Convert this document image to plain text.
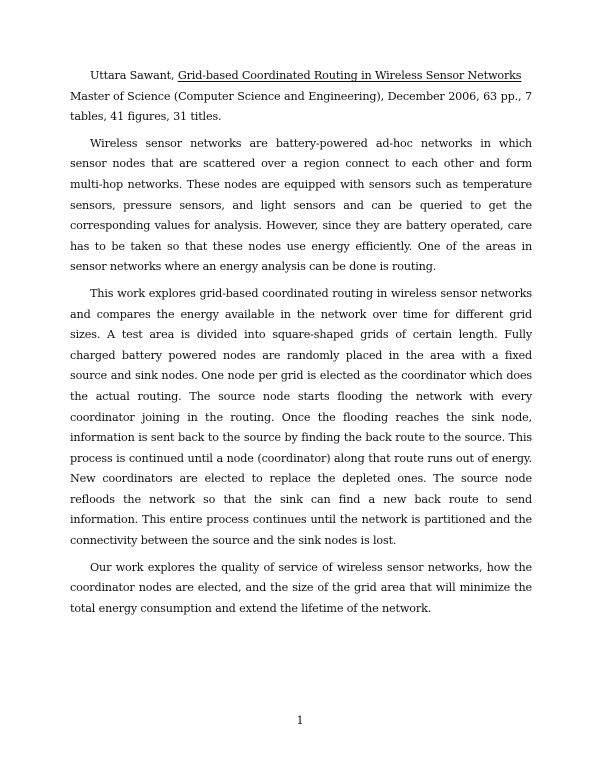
Uttara Sawant, Grid-based Coordinated Routing in Wireless Sensor Networks

Master of Science (Computer Science and Engineering), December 2006, 63 pp., 7 tables, 41 figures, 31 titles.

Wireless sensor networks are battery-powered ad-hoc networks in which sensor nodes that are scattered over a region connect to each other and form multi-hop networks. These nodes are equipped with sensors such as temperature sensors, pressure sensors, and light sensors and can be queried to get the corresponding values for analysis. However, since they are battery operated, care has to be taken so that these nodes use energy efficiently. One of the areas in sensor networks where an energy analysis can be done is routing.

This work explores grid-based coordinated routing in wireless sensor networks and compares the energy available in the network over time for different grid sizes. A test area is divided into square-shaped grids of certain length. Fully charged battery powered nodes are randomly placed in the area with a fixed source and sink nodes. One node per grid is elected as the coordinator which does the actual routing. The source node starts flooding the network with every coordinator joining in the routing. Once the flooding reaches the sink node, information is sent back to the source by finding the back route to the source. This process is continued until a node (coordinator) along that route runs out of energy. New coordinators are elected to replace the depleted ones. The source node refloods the network so that the sink can find a new back route to send information. This entire process continues until the network is partitioned and the connectivity between the source and the sink nodes is lost.

Our work explores the quality of service of wireless sensor networks, how the coordinator nodes are elected, and the size of the grid area that will minimize the total energy consumption and extend the lifetime of the network.

1
